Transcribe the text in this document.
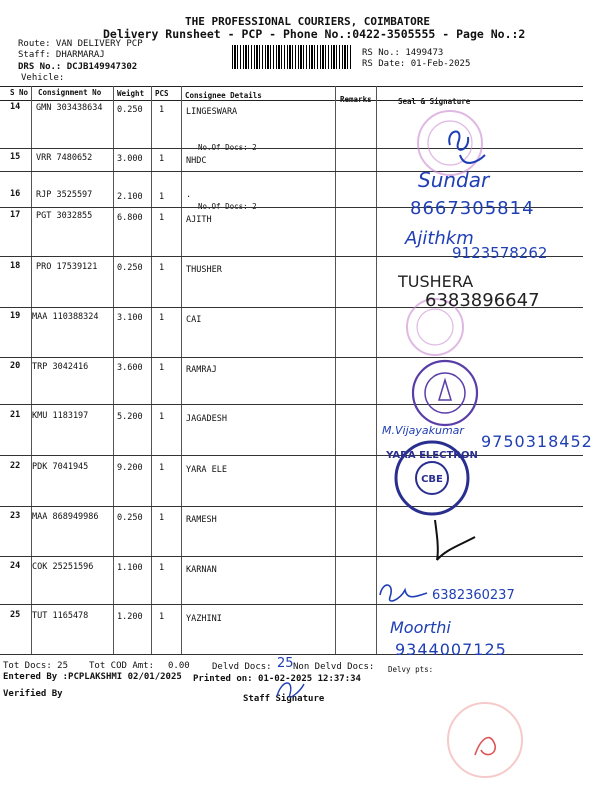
THE PROFESSIONAL COURIERS, COIMBATORE
Delivery Runsheet - PCP - Phone No.:0422-3505555 - Page No.:2
Route: VAN DELIVERY PCP
Staff: DHARMARAJ
DRS No.: DCJB149947302
Vehicle:
RS No.: 1499473
RS Date: 01-Feb-2025
S No Consignment No Weight PCS Consignee Details	Remarks	Seal & Signature
14 GMN 303438634 0.250 1	LINGESWARA
No.Of Docs: 2
15 VRR 7480652	3.000 1	NHDC
16 RJP 3525597	2.100 1	.
No.Of Docs: 2
17 PGT 3032855	6.800 1	AJITH
18 PRO 17539121 0.250 1	THUSHER
19 MAA 110388324 3.100 1	CAI
20 TRP 3042416	3.600 1	RAMRAJ
21 KMU 1183197	5.200 1	JAGADESH
22 PDK 7041945	9.200 1	YARA ELE
23 MAA 868949986 0.250 1	RAMESH
24 COK 25251596	1.100 1	KARNAN
25 TUT 1165478	1.200 1	YAZHINI
YARA ELECTRON
CBE
Sundar
8667305814
Ajithkm
9123578262
TUSHERA
6383896647
M.Vijayakumar
9750318452
6382360237
Moorthi
9344007125
Tot Docs: 25 Tot COD Amt: 0.00 Delvd Docs: 25 Non Delvd Docs: Delvy pts:
Entered By :PCPLAKSHMI 02/01/2025 Printed on: 01-02-2025 12:37:34
Verified By	Staff Signature
